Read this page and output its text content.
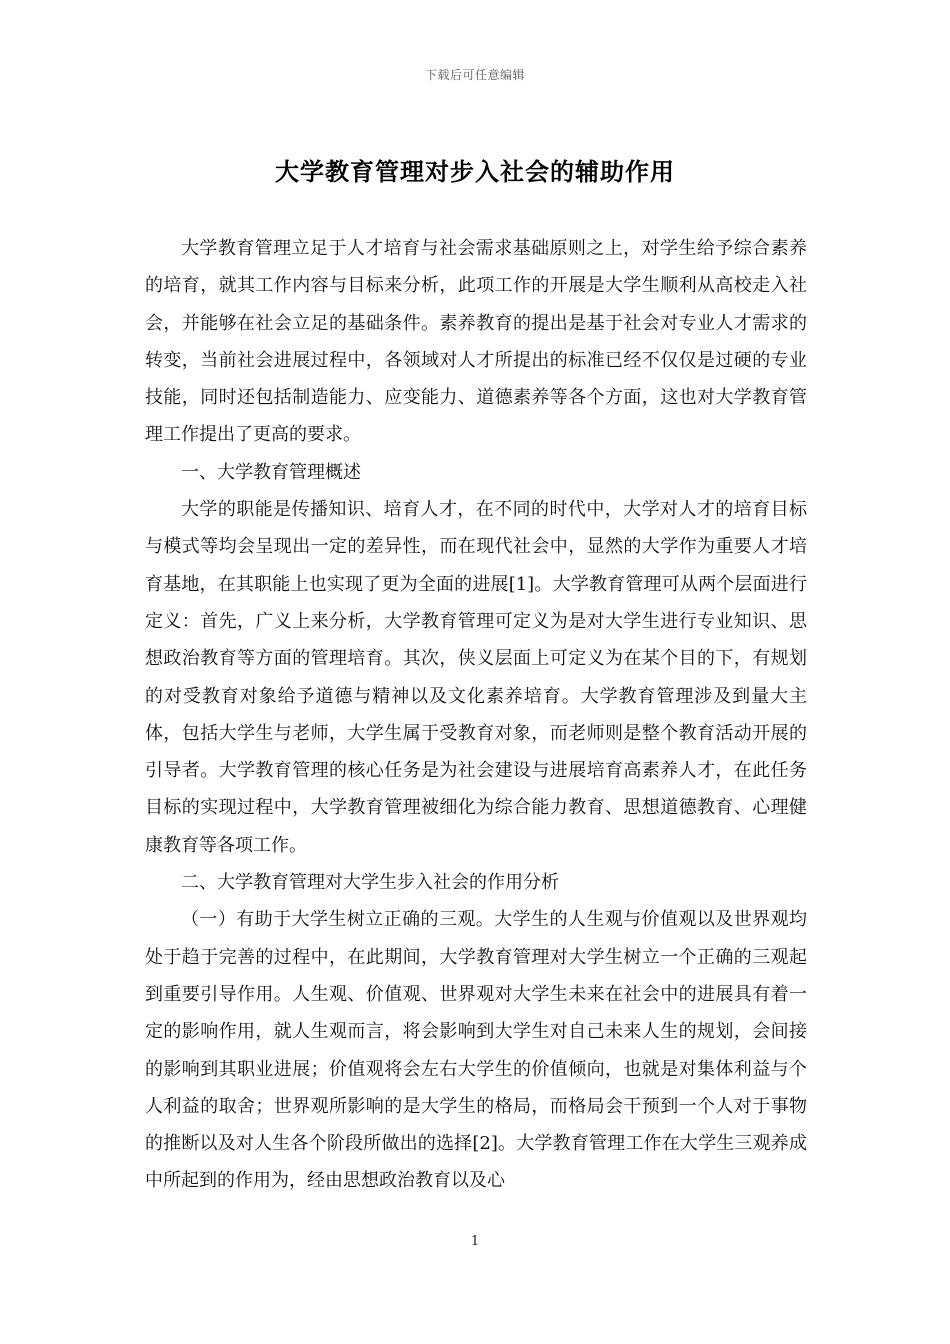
下载后可任意编辑
大学教育管理对步入社会的辅助作用

大学教育管理立足于人才培育与社会需求基础原则之上，对学生给予综合素养的培育，就其工作内容与目标来分析，此项工作的开展是大学生顺利从高校走入社会，并能够在社会立足的基础条件。素养教育的提出是基于社会对专业人才需求的转变，当前社会进展过程中，各领域对人才所提出的标准已经不仅仅是过硬的专业技能，同时还包括制造能力、应变能力、道德素养等各个方面，这也对大学教育管理工作提出了更高的要求。

一、大学教育管理概述

大学的职能是传播知识、培育人才，在不同的时代中，大学对人才的培育目标与模式等均会呈现出一定的差异性，而在现代社会中，显然的大学作为重要人才培育基地，在其职能上也实现了更为全面的进展[1]。大学教育管理可从两个层面进行定义：首先，广义上来分析，大学教育管理可定义为是对大学生进行专业知识、思想政治教育等方面的管理培育。其次，侠义层面上可定义为在某个目的下，有规划的对受教育对象给予道德与精神以及文化素养培育。大学教育管理涉及到量大主体，包括大学生与老师，大学生属于受教育对象，而老师则是整个教育活动开展的引导者。大学教育管理的核心任务是为社会建设与进展培育高素养人才，在此任务目标的实现过程中，大学教育管理被细化为综合能力教育、思想道德教育、心理健康教育等各项工作。

二、大学教育管理对大学生步入社会的作用分析

（一）有助于大学生树立正确的三观。大学生的人生观与价值观以及世界观均处于趋于完善的过程中，在此期间，大学教育管理对大学生树立一个正确的三观起到重要引导作用。人生观、价值观、世界观对大学生未来在社会中的进展具有着一定的影响作用，就人生观而言，将会影响到大学生对自己未来人生的规划，会间接的影响到其职业进展；价值观将会左右大学生的价值倾向，也就是对集体利益与个人利益的取舍；世界观所影响的是大学生的格局，而格局会干预到一个人对于事物的推断以及对人生各个阶段所做出的选择[2]。大学教育管理工作在大学生三观养成中所起到的作用为，经由思想政治教育以及心

1
